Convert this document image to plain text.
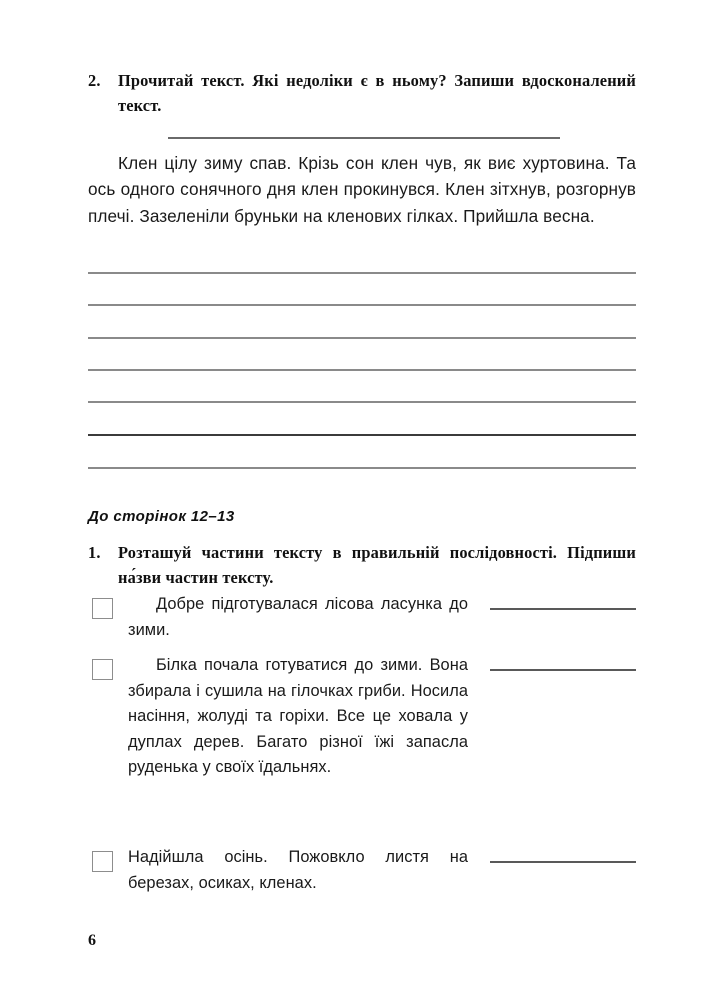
2.	Прочитай текст. Які недоліки є в ньому? Запиши вдосконалений текст.
Клен цілу зиму спав. Крізь сон клен чув, як виє хуртовина. Та ось одного сонячного дня клен прокинувся. Клен зітхнув, розгорнув плечі. Зазеленіли бруньки на кленових гілках. Прийшла весна.
До сторінок 12–13
1.	Розташуй частини тексту в правильній послідовності. Підпиши на́зви частин тексту.
Добре підготувалася лісова ласунка до зими.
Білка почала готуватися до зими. Вона збирала і сушила на гілочках гриби. Носила насіння, жолуді та горіхи. Все це ховала у дуплах дерев. Багато різної їжі запасла руденька у своїх їдальнях.
Надійшла осінь. Пожовкло листя на березах, осиках, кленах.
6
